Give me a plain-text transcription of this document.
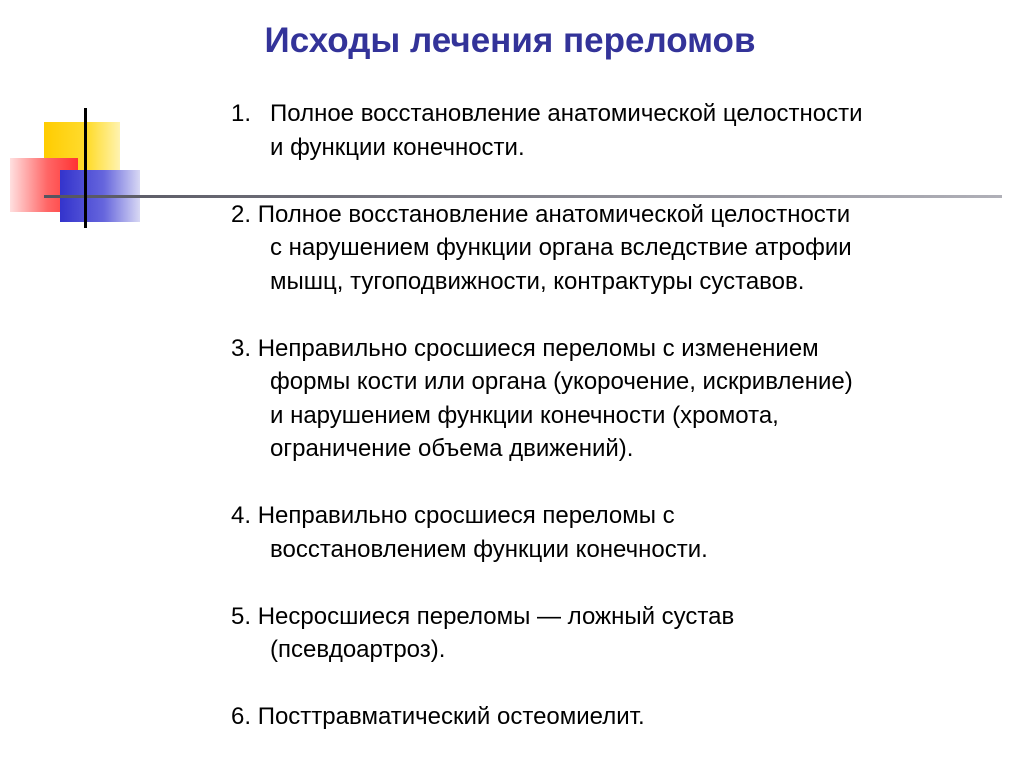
Исходы лечения переломов
1. Полное восстановление анатомической целостности
и функции конечности.
2. Полное восстановление анатомической целостности
с нарушением функции органа вследствие атрофии
мышц, тугоподвижности, контрактуры суставов.
3. Неправильно сросшиеся переломы с изменением
формы кости или органа (укорочение, искривление)
и нарушением функции конечности (хромота,
ограничение объема движений).
4. Неправильно сросшиеся переломы с
восстановлением функции конечности.
5. Несросшиеся переломы — ложный сустав
(псевдоартроз).
6. Посттравматический остеомиелит.
